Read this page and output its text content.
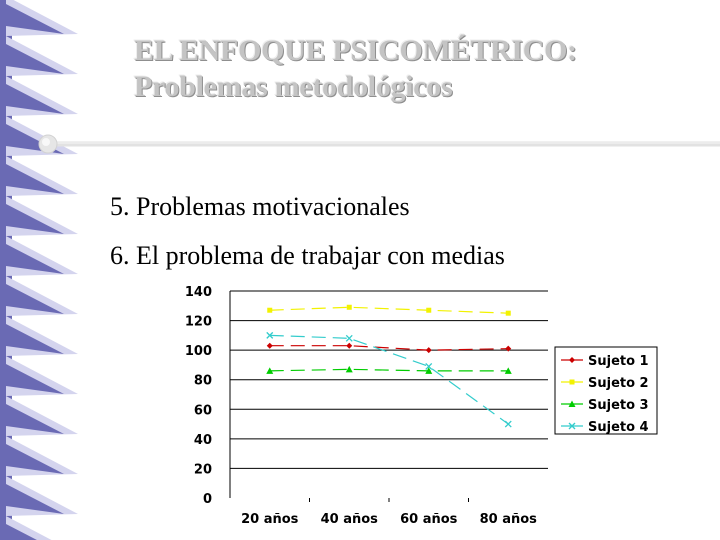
EL ENFOQUE PSICOMÉTRICO:
Problemas metodológicos
5. Problemas motivacionales
6. El problema de trabajar con medias
0
20
40
60
80
100
120
140
20 años 40 años 60 años 80 años
Sujeto 1
Sujeto 2
Sujeto 3
Sujeto 4
